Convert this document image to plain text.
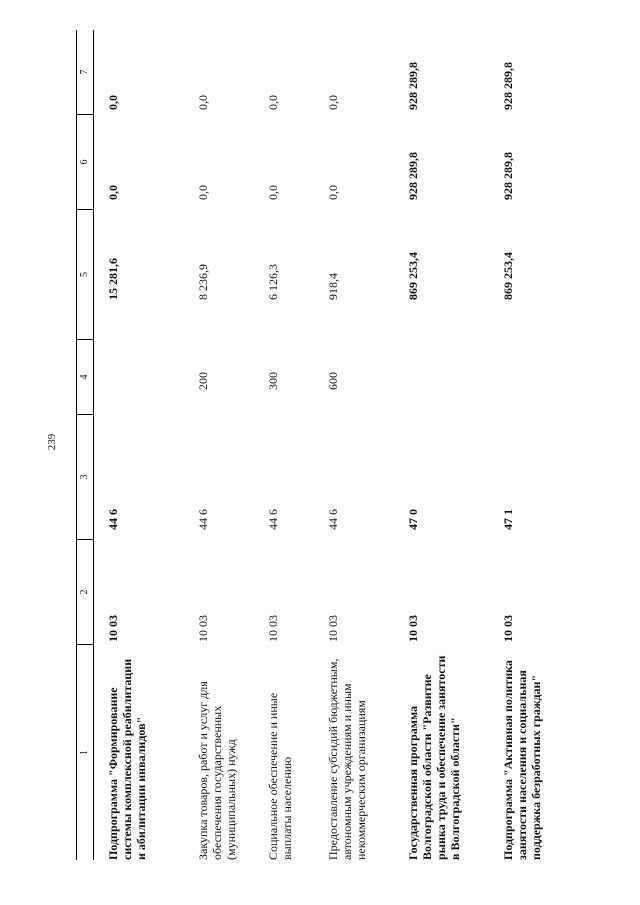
239
1
2
3
4
5
6
7
Подпрограмма "Формирование системы комплексной реабилитации и абилитации инвалидов"
10 03
44 6
15 281,6
0,0
0,0
Закупка товаров, работ и услуг для обеспечения государственных (муниципальных) нужд
10 03
44 6
200
8 236,9
0,0
0,0
Социальное обеспечение и иные выплаты населению
10 03
44 6
300
6 126,3
0,0
0,0
Предоставление субсидий бюджетным, автономным учреждениям и иным некоммерческим организациям
10 03
44 6
600
918,4
0,0
0,0
Государственная программа Волгоградской области "Развитие рынка труда и обеспечение занятости в Волгоградской области"
10 03
47 0
869 253,4
928 289,8
928 289,8
Подпрограмма "Активная политика занятости населения и социальная поддержка безработных граждан"
10 03
47 1
869 253,4
928 289,8
928 289,8
